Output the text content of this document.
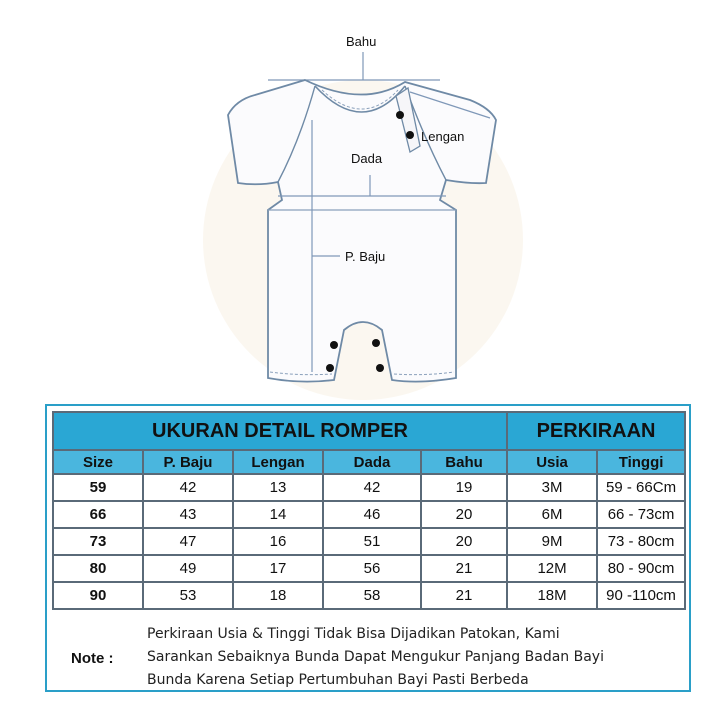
Bahu
Lengan
Dada
P. Baju
UKURAN DETAIL ROMPER					PERKIRAAN	
Size	P. Baju	Lengan	Dada	Bahu	Usia	Tinggi
59	42	13	42	19	3M	59 - 66Cm
66	43	14	46	20	6M	66 - 73cm
73	47	16	51	20	9M	73 - 80cm
80	49	17	56	21	12M	80 - 90cm
90	53	18	58	21	18M	90 -110cm
Note :
Perkiraan Usia & Tinggi Tidak Bisa Dijadikan Patokan, Kami
Sarankan Sebaiknya Bunda Dapat Mengukur Panjang Badan Bayi
Bunda Karena Setiap Pertumbuhan Bayi Pasti Berbeda
